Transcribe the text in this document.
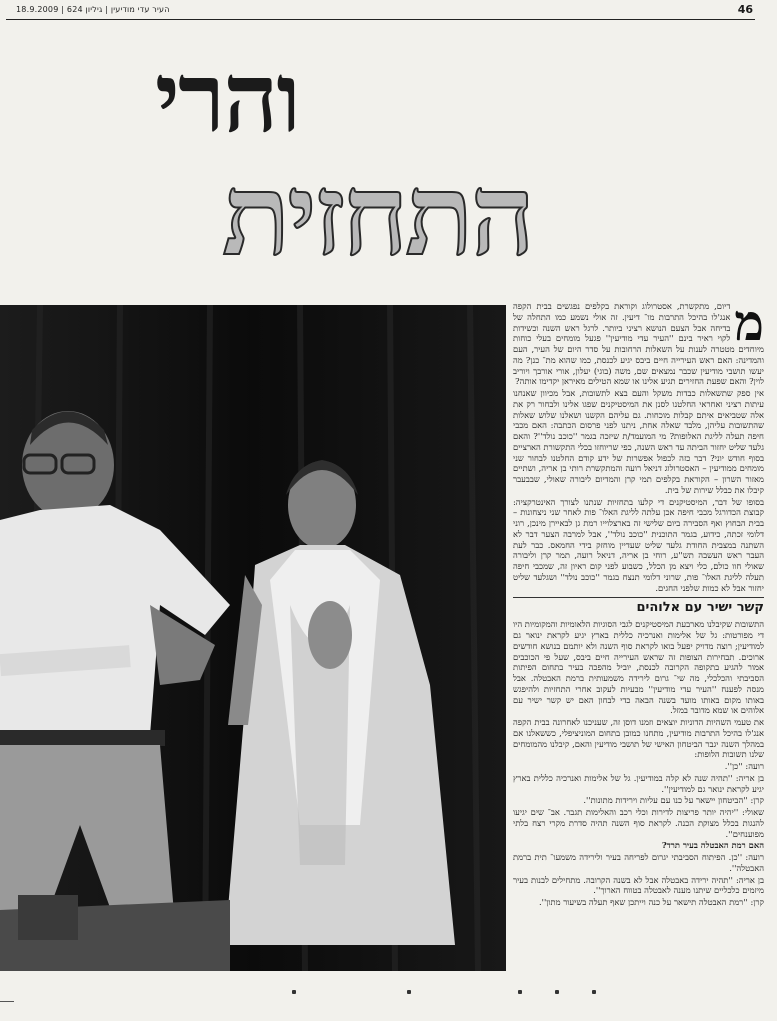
העיר עדי מודיעין | גיליון 624 | 18.9.2009	46
והרי
התחזית
מ

דיום, מתקשרת, אסטרולוג וקוראת בקלפים נפגשים בבית הקפה אנג'לו בהיכל התרבות מו־ דיעין. זה אולי נשמע כמו התחלה של בדיחה אבל הצעם הנושא רציני ביותר. לרגל ראש השנה וכשידות לקוי ראיר בינם ''העיר עדי מודיעין'' פגעל מומחים בעלי כוחות מיוחדים מטטרה לענות על השאלות הרחובות על סדר היום של העיר, העם והמדינה: האם ראש העירייה חיים ביבס יגיע לכנסת, כמו שהוא מת־ כנן? מה יעשו תושבי מודיעין שכבר נמצאים שם, משה (בוגי) יעלון, אורי אורבך ויוריב לוין? והאם שפעת החזירים תגיע אלינו או שמא הטילים מאיראן יקדימו אותה?

אין ספק שתשאלות כבדות משקל והעם בצא לתשובות, אבל מכיוון שאנחנו עיתות רציני ואחראי החלטנו לסנן את המיסטיקנים שפגו אלינו ולבחור רק את אלה שטביאים איתם קבלות מוכחות. גם עליהם הקשנו ושאלנו שלוש שאלות שהתשובות עליהן, מלבד שאלה אחת, ניתנו לפני פרסום הכתבה: האם מכבי חיפה תעלה לליגת האלופות? מי המועמד/ת שיזכה בגמר ''כוכב נולד''? והאם גלעד שליט יחזור הביתה עד ראש השנה, כפי שריוחזו בכלי התקשורת הארציים בסוף חודש יוני? דבר כזה לכפול אפשרות של ידע קודם החלטנו לבחור שני מומחים ממודיעין – האסטרולוג דניאל רועה והמתקשרת רותי בן אריה, ושתיים מאזור השרון – הקוראת בקלפים תמי קרן והמדיום ליבורה שאולי, שבבעבר קיבלו את כבלל שירות של בית.

בסופו של דבר, המיסטיקנים די קלעו בתחזיות שנתנו לצורך האינטרקציה: קבוצת הכדורגל מכבי חיפה אכן עלתה לליגת האלו־ פות לאחר שני ניצחונות – בבית הבחוץ ואף הסבירה ביום שלישי זה בארצלוייו רמת גן לבאיירן מינכן, רוני דלומי זכתה, כידוע, בגמר התוכנית ''כוכב נולד'', אבל למרבה הצער דבר לא השתנה במצבית החודת גלעד שליט שעדיין מוחזק בידי החמאס. כבר לעת העבר ראש העשבה תש''ע, רוחי בן אריה, דניאל רועה, תמר קרן וליבורה שאולי חוו כולם, כלי ויצא מן הכלל, כשבוע לפני קום ראיון זה, שמכבי חיפה תעלה לליגת האלו־ פות, שרוני דלומי תנצח בגמר ''כוכב נולד'' ושגלעד שליט יחזור אבל לא כמות שלפני החגים.

קשר ישיר עם אלוהים

התשובות שקיבלנו מארבעת המיסטיקנים לגבי הסוגיות הלאומיות והמקומיות היו די מפורטות: גל של אלימות ואנרכיה כללית בארץ יגיע לקראת ינואר גם למודיעין; רוצה מדויק יפעל בואו לקראת סוף השנה ולא יותמם בנושא חודשים ארוכים. תבחירות הצופות זה שראש העירייה חיים ביבס, שעל פי הכוכבים אמור להגיע בתקופה הקרובה לכנסת, יוביל מהפכה בעיר בתחום הפיתות הסביבתי והכלכלי, מה שי־ גרום לירידה משמעותית ברמת האבטלה. אבל מנסה לפענח ''העיר עדי מודיעין'' מבעיות לעקוב אחרי התחזיות ולהיפגש באותו מקום באותו מועד בשנה הבאה כדי לבחון האם יש קשר ישיר עם אלוהים או שמא מדובר במזל.

את טעמי השהיות הדוניות יוצאים וזמנו דוסן זה, שעניכנו לאחרונה בבית הקפה אנג'לו בהיכל התרבות מודיעין, מתחנו כמובן בתחום המוניציפלי, כששאלנו אם במהלך השנה יגבר הביטחון האישי של תושבי מודיעין והאם, קיבלנו מהמומחים שלנו תשובות הלופות:

רועה: ''כן''.

בן אריה: ''תהיה שנה לא קלה במודיעין. גל של אלימות ואנרכיה כללית בארץ יגיע לקראת ינואר גם למודיעין''.

קרן: ''הביטחון יישאר על כנו עם עליות וירידות מתונות''.

שאולי: ''יהיה יותר פריצות לדירות וכלי רכב והאלימות תגבר. אב־ שים יגיעו להנגות בכלל מצוקת הכנה. לקראת סוף השנה תהיה סדרת מקרי רצח בלתי מפוענחים''.

האם רמת האבטלה בעיר תרד?

רועה: ''כן. הפיתוח הסביבתי יגרום לפריחה בעיר ולירידה משמעו־ תית ברמת האבטלה''.

בן אריה: ''תהיה ירידה באבטלה אבל לא בשנה הקרובה. מתחילים לבנות בעיר מיזמים כלכליים שיתנו מענה לאבטלה בטווח הארוך''.

קרן: ''רמת האבטלה תישאר על כנה וייתכן שאף תעלה בשיעור מתון''.
